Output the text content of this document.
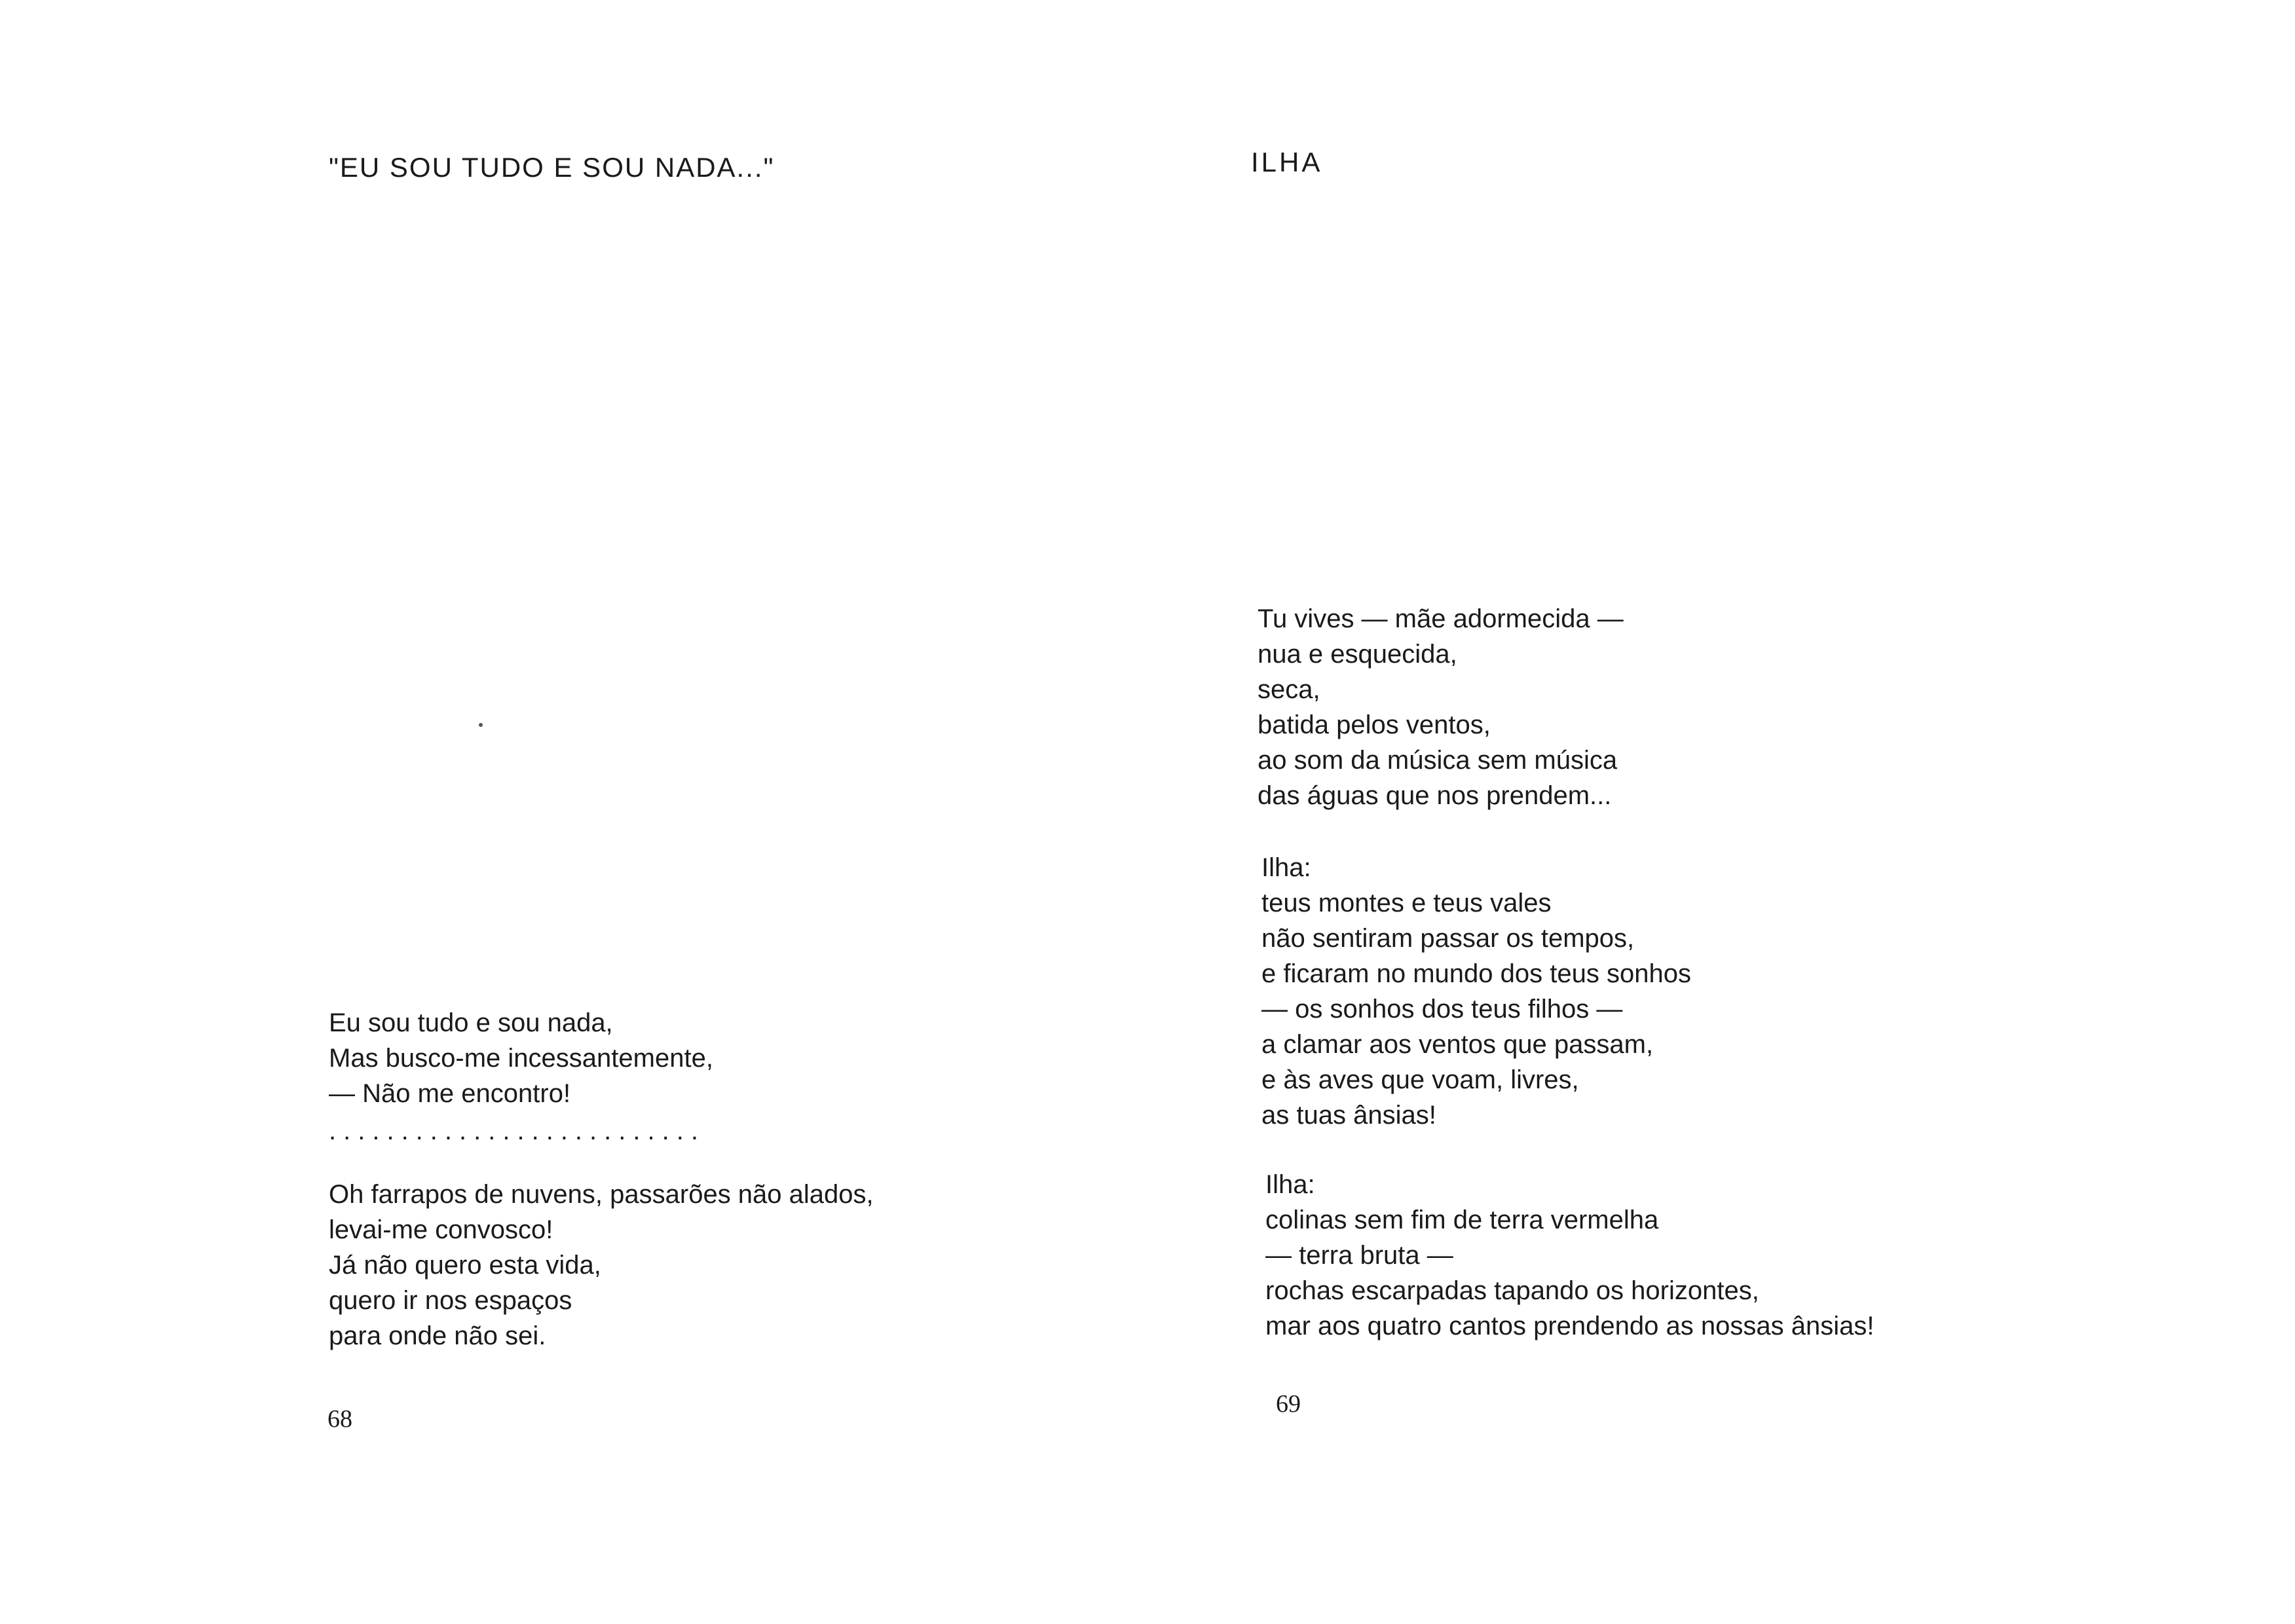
"EU SOU TUDO E SOU NADA..."
Eu sou tudo e sou nada,
Mas busco-me incessantemente,
— Não me encontro!
..........................
Oh farrapos de nuvens, passarões não alados,
levai-me convosco!
Já não quero esta vida,
quero ir nos espaços
para onde não sei.
68
ILHA
Tu vives — mãe adormecida —
nua e esquecida,
seca,
batida pelos ventos,
ao som da música sem música
das águas que nos prendem...
Ilha:
teus montes e teus vales
não sentiram passar os tempos,
e ficaram no mundo dos teus sonhos
— os sonhos dos teus filhos —
a clamar aos ventos que passam,
e às aves que voam, livres,
as tuas ânsias!
Ilha:
colinas sem fim de terra vermelha
— terra bruta —
rochas escarpadas tapando os horizontes,
mar aos quatro cantos prendendo as nossas ânsias!
69
